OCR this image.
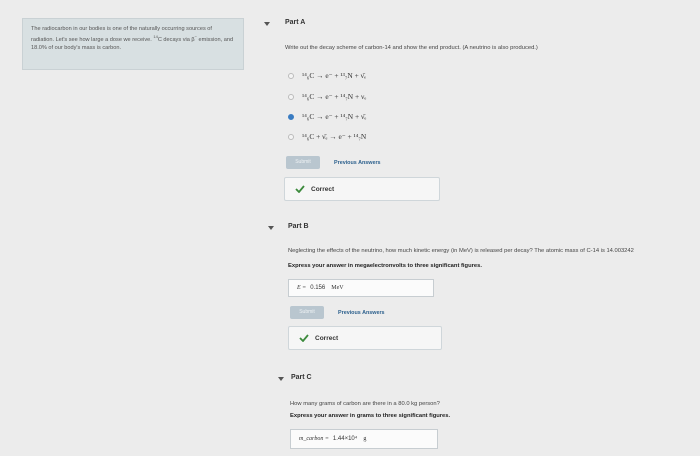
The radiocarbon in our bodies is one of the naturally occurring sources of radiation. Let's see how large a dose we receive. $^{14}$C decays via β− emission, and 18.0% of our body's mass is carbon.
Part A
Write out the decay scheme of carbon-14 and show the end product. (A neutrino is also produced.)
¹⁴₆C → e⁻ + ¹³₇N + ν̄ₑ
¹⁴₆C → e⁻ + ¹⁴₇N + νₑ
¹⁴₆C → e⁻ + ¹⁴₇N + ν̄ₑ
¹⁴₆C + ν̄ₑ → e⁻ + ¹⁴₇N
Submit	Previous Answers
Correct
Part B
Neglecting the effects of the neutrino, how much kinetic energy (in MeV) is released per decay? The atomic mass of C-14 is 14.003242
Express your answer in megaelectronvolts to three significant figures.
E = 0.156 MeV
Submit	Previous Answers
Correct
Part C
How many grams of carbon are there in a 80.0 kg person?
Express your answer in grams to three significant figures.
m_carbon = 1.44×10⁴ g
